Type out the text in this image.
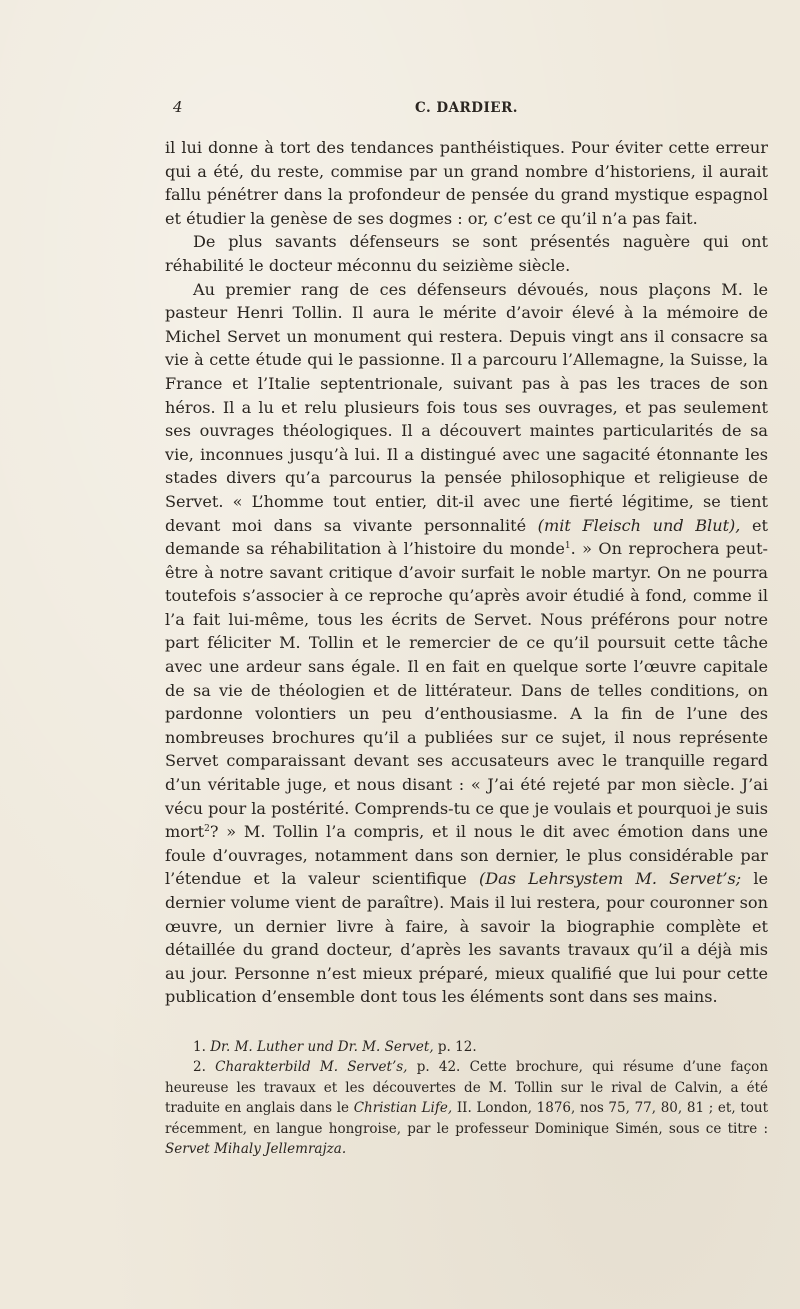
4	C. DARDIER.

il lui donne à tort des tendances panthéistiques. Pour éviter cette erreur qui a été, du reste, commise par un grand nombre d’historiens, il aurait fallu pénétrer dans la profondeur de pensée du grand mystique espagnol et étudier la genèse de ses dogmes : or, c’est ce qu’il n’a pas fait.

De plus savants défenseurs se sont présentés naguère qui ont réhabilité le docteur méconnu du seizième siècle.

Au premier rang de ces défenseurs dévoués, nous plaçons M. le pasteur Henri Tollin. Il aura le mérite d’avoir élevé à la mémoire de Michel Servet un monument qui restera. Depuis vingt ans il consacre sa vie à cette étude qui le passionne. Il a parcouru l’Allemagne, la Suisse, la France et l’Italie septentrionale, suivant pas à pas les traces de son héros. Il a lu et relu plusieurs fois tous ses ouvrages, et pas seulement ses ouvrages théologiques. Il a découvert maintes particularités de sa vie, inconnues jusqu’à lui. Il a distingué avec une sagacité étonnante les stades divers qu’a parcourus la pensée philosophique et religieuse de Servet. « L’homme tout entier, dit-il avec une fierté légitime, se tient devant moi dans sa vivante personnalité (mit Fleisch und Blut), et demande sa réhabilitation à l’histoire du monde$^1$. » On reprochera peut-être à notre savant critique d’avoir surfait le noble martyr. On ne pourra toutefois s’associer à ce reproche qu’après avoir étudié à fond, comme il l’a fait lui-même, tous les écrits de Servet. Nous préférons pour notre part féliciter M. Tollin et le remercier de ce qu’il poursuit cette tâche avec une ardeur sans égale. Il en fait en quelque sorte l’œuvre capitale de sa vie de théologien et de littérateur. Dans de telles conditions, on pardonne volontiers un peu d’enthousiasme. A la fin de l’une des nombreuses brochures qu’il a publiées sur ce sujet, il nous représente Servet comparaissant devant ses accusateurs avec le tranquille regard d’un véritable juge, et nous disant : « J’ai été rejeté par mon siècle. J’ai vécu pour la postérité. Comprends-tu ce que je voulais et pourquoi je suis mort$^2$? » M. Tollin l’a compris, et il nous le dit avec émotion dans une foule d’ouvrages, notamment dans son dernier, le plus considérable par l’étendue et la valeur scientifique (Das Lehrsystem M. Servet’s; le dernier volume vient de paraître). Mais il lui restera, pour couronner son œuvre, un dernier livre à faire, à savoir la biographie complète et détaillée du grand docteur, d’après les savants travaux qu’il a déjà mis au jour. Personne n’est mieux préparé, mieux qualifié que lui pour cette publication d’ensemble dont tous les éléments sont dans ses mains.

1. Dr. M. Luther und Dr. M. Servet, p. 12.

2. Charakterbild M. Servet’s, p. 42. Cette brochure, qui résume d’une façon heureuse les travaux et les découvertes de M. Tollin sur le rival de Calvin, a été traduite en anglais dans le Christian Life, II. London, 1876, nos 75, 77, 80, 81 ; et, tout récemment, en langue hongroise, par le professeur Dominique Simén, sous ce titre : Servet Mihaly Jellemrajza.
